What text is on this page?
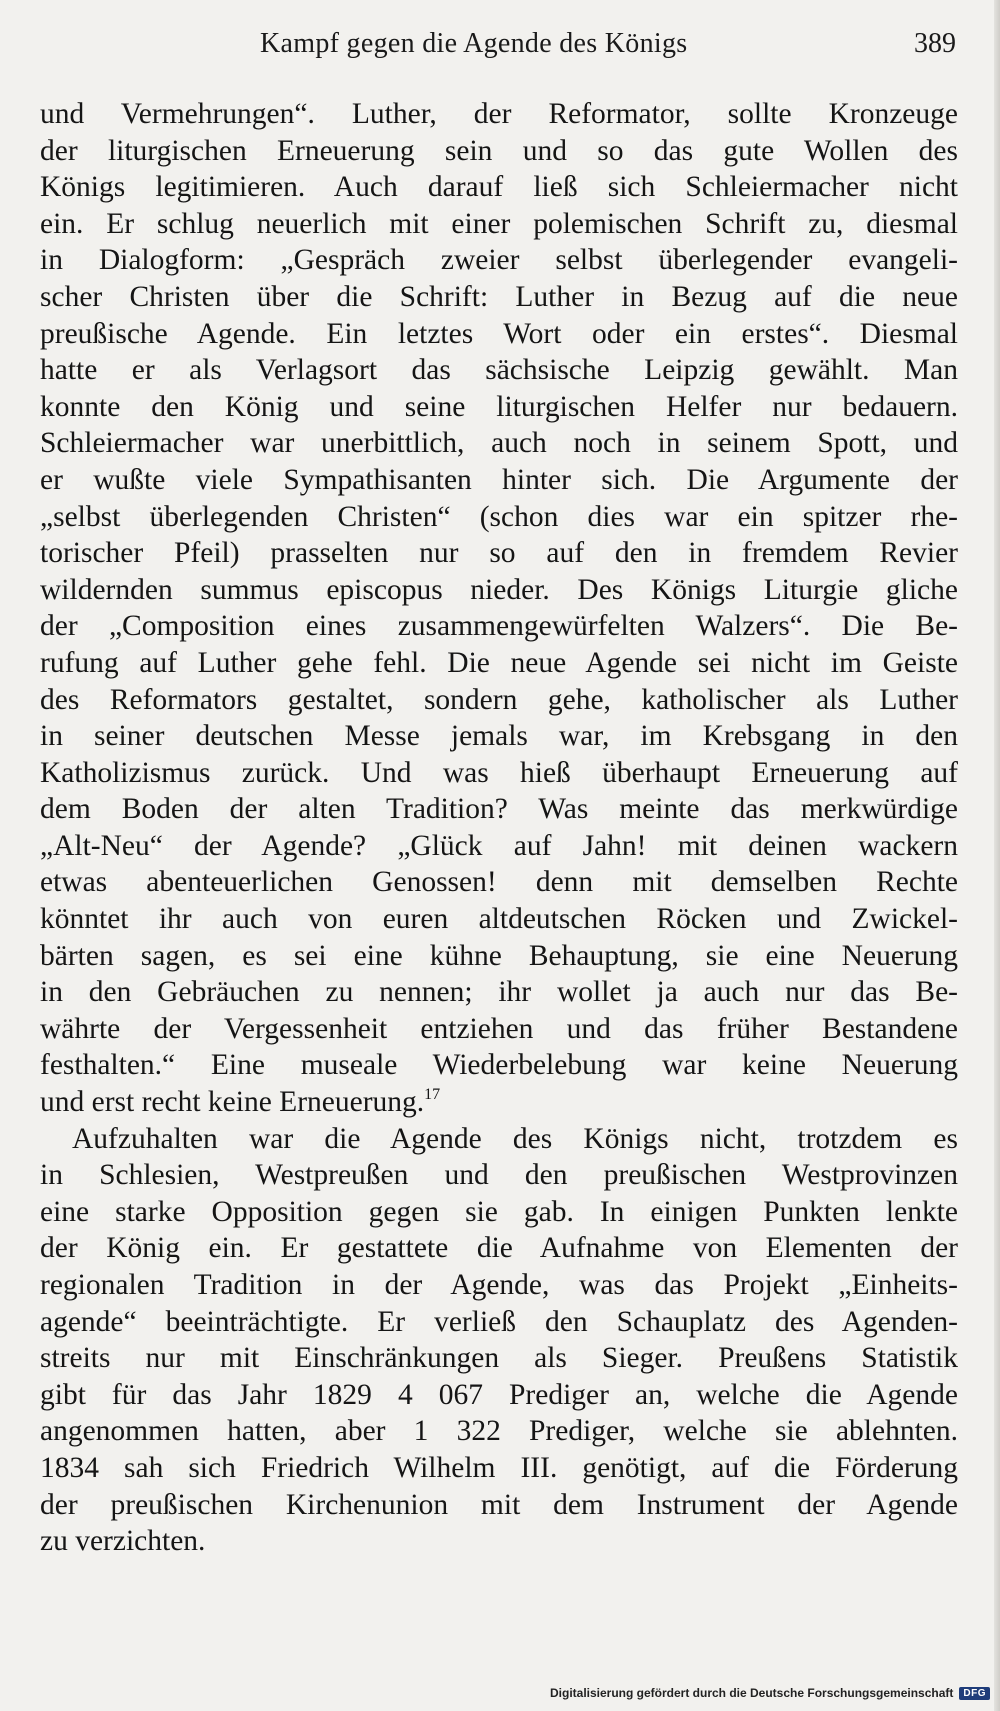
Kampf gegen die Agende des Königs	389
und Vermehrungen“. Luther, der Reformator, sollte Kronzeuge
der liturgischen Erneuerung sein und so das gute Wollen des
Königs legitimieren. Auch darauf ließ sich Schleiermacher nicht
ein. Er schlug neuerlich mit einer polemischen Schrift zu, diesmal
in Dialogform: „Gespräch zweier selbst überlegender evangeli-
scher Christen über die Schrift: Luther in Bezug auf die neue
preußische Agende. Ein letztes Wort oder ein erstes“. Diesmal
hatte er als Verlagsort das sächsische Leipzig gewählt. Man
konnte den König und seine liturgischen Helfer nur bedauern.
Schleiermacher war unerbittlich, auch noch in seinem Spott, und
er wußte viele Sympathisanten hinter sich. Die Argumente der
„selbst überlegenden Christen“ (schon dies war ein spitzer rhe-
torischer Pfeil) prasselten nur so auf den in fremdem Revier
wildernden summus episcopus nieder. Des Königs Liturgie gliche
der „Composition eines zusammengewürfelten Walzers“. Die Be-
rufung auf Luther gehe fehl. Die neue Agende sei nicht im Geiste
des Reformators gestaltet, sondern gehe, katholischer als Luther
in seiner deutschen Messe jemals war, im Krebsgang in den
Katholizismus zurück. Und was hieß überhaupt Erneuerung auf
dem Boden der alten Tradition? Was meinte das merkwürdige
„Alt-Neu“ der Agende? „Glück auf Jahn! mit deinen wackern
etwas abenteuerlichen Genossen! denn mit demselben Rechte
könntet ihr auch von euren altdeutschen Röcken und Zwickel-
bärten sagen, es sei eine kühne Behauptung, sie eine Neuerung
in den Gebräuchen zu nennen; ihr wollet ja auch nur das Be-
währte der Vergessenheit entziehen und das früher Bestandene
festhalten.“ Eine museale Wiederbelebung war keine Neuerung
und erst recht keine Erneuerung.$^{17}$
Aufzuhalten war die Agende des Königs nicht, trotzdem es
in Schlesien, Westpreußen und den preußischen Westprovinzen
eine starke Opposition gegen sie gab. In einigen Punkten lenkte
der König ein. Er gestattete die Aufnahme von Elementen der
regionalen Tradition in der Agende, was das Projekt „Einheits-
agende“ beeinträchtigte. Er verließ den Schauplatz des Agenden-
streits nur mit Einschränkungen als Sieger. Preußens Statistik
gibt für das Jahr 1829 4 067 Prediger an, welche die Agende
angenommen hatten, aber 1 322 Prediger, welche sie ablehnten.
1834 sah sich Friedrich Wilhelm III. genötigt, auf die Förderung
der preußischen Kirchenunion mit dem Instrument der Agende
zu verzichten.
Digitalisierung gefördert durch die Deutsche Forschungsgemeinschaft	DFG
